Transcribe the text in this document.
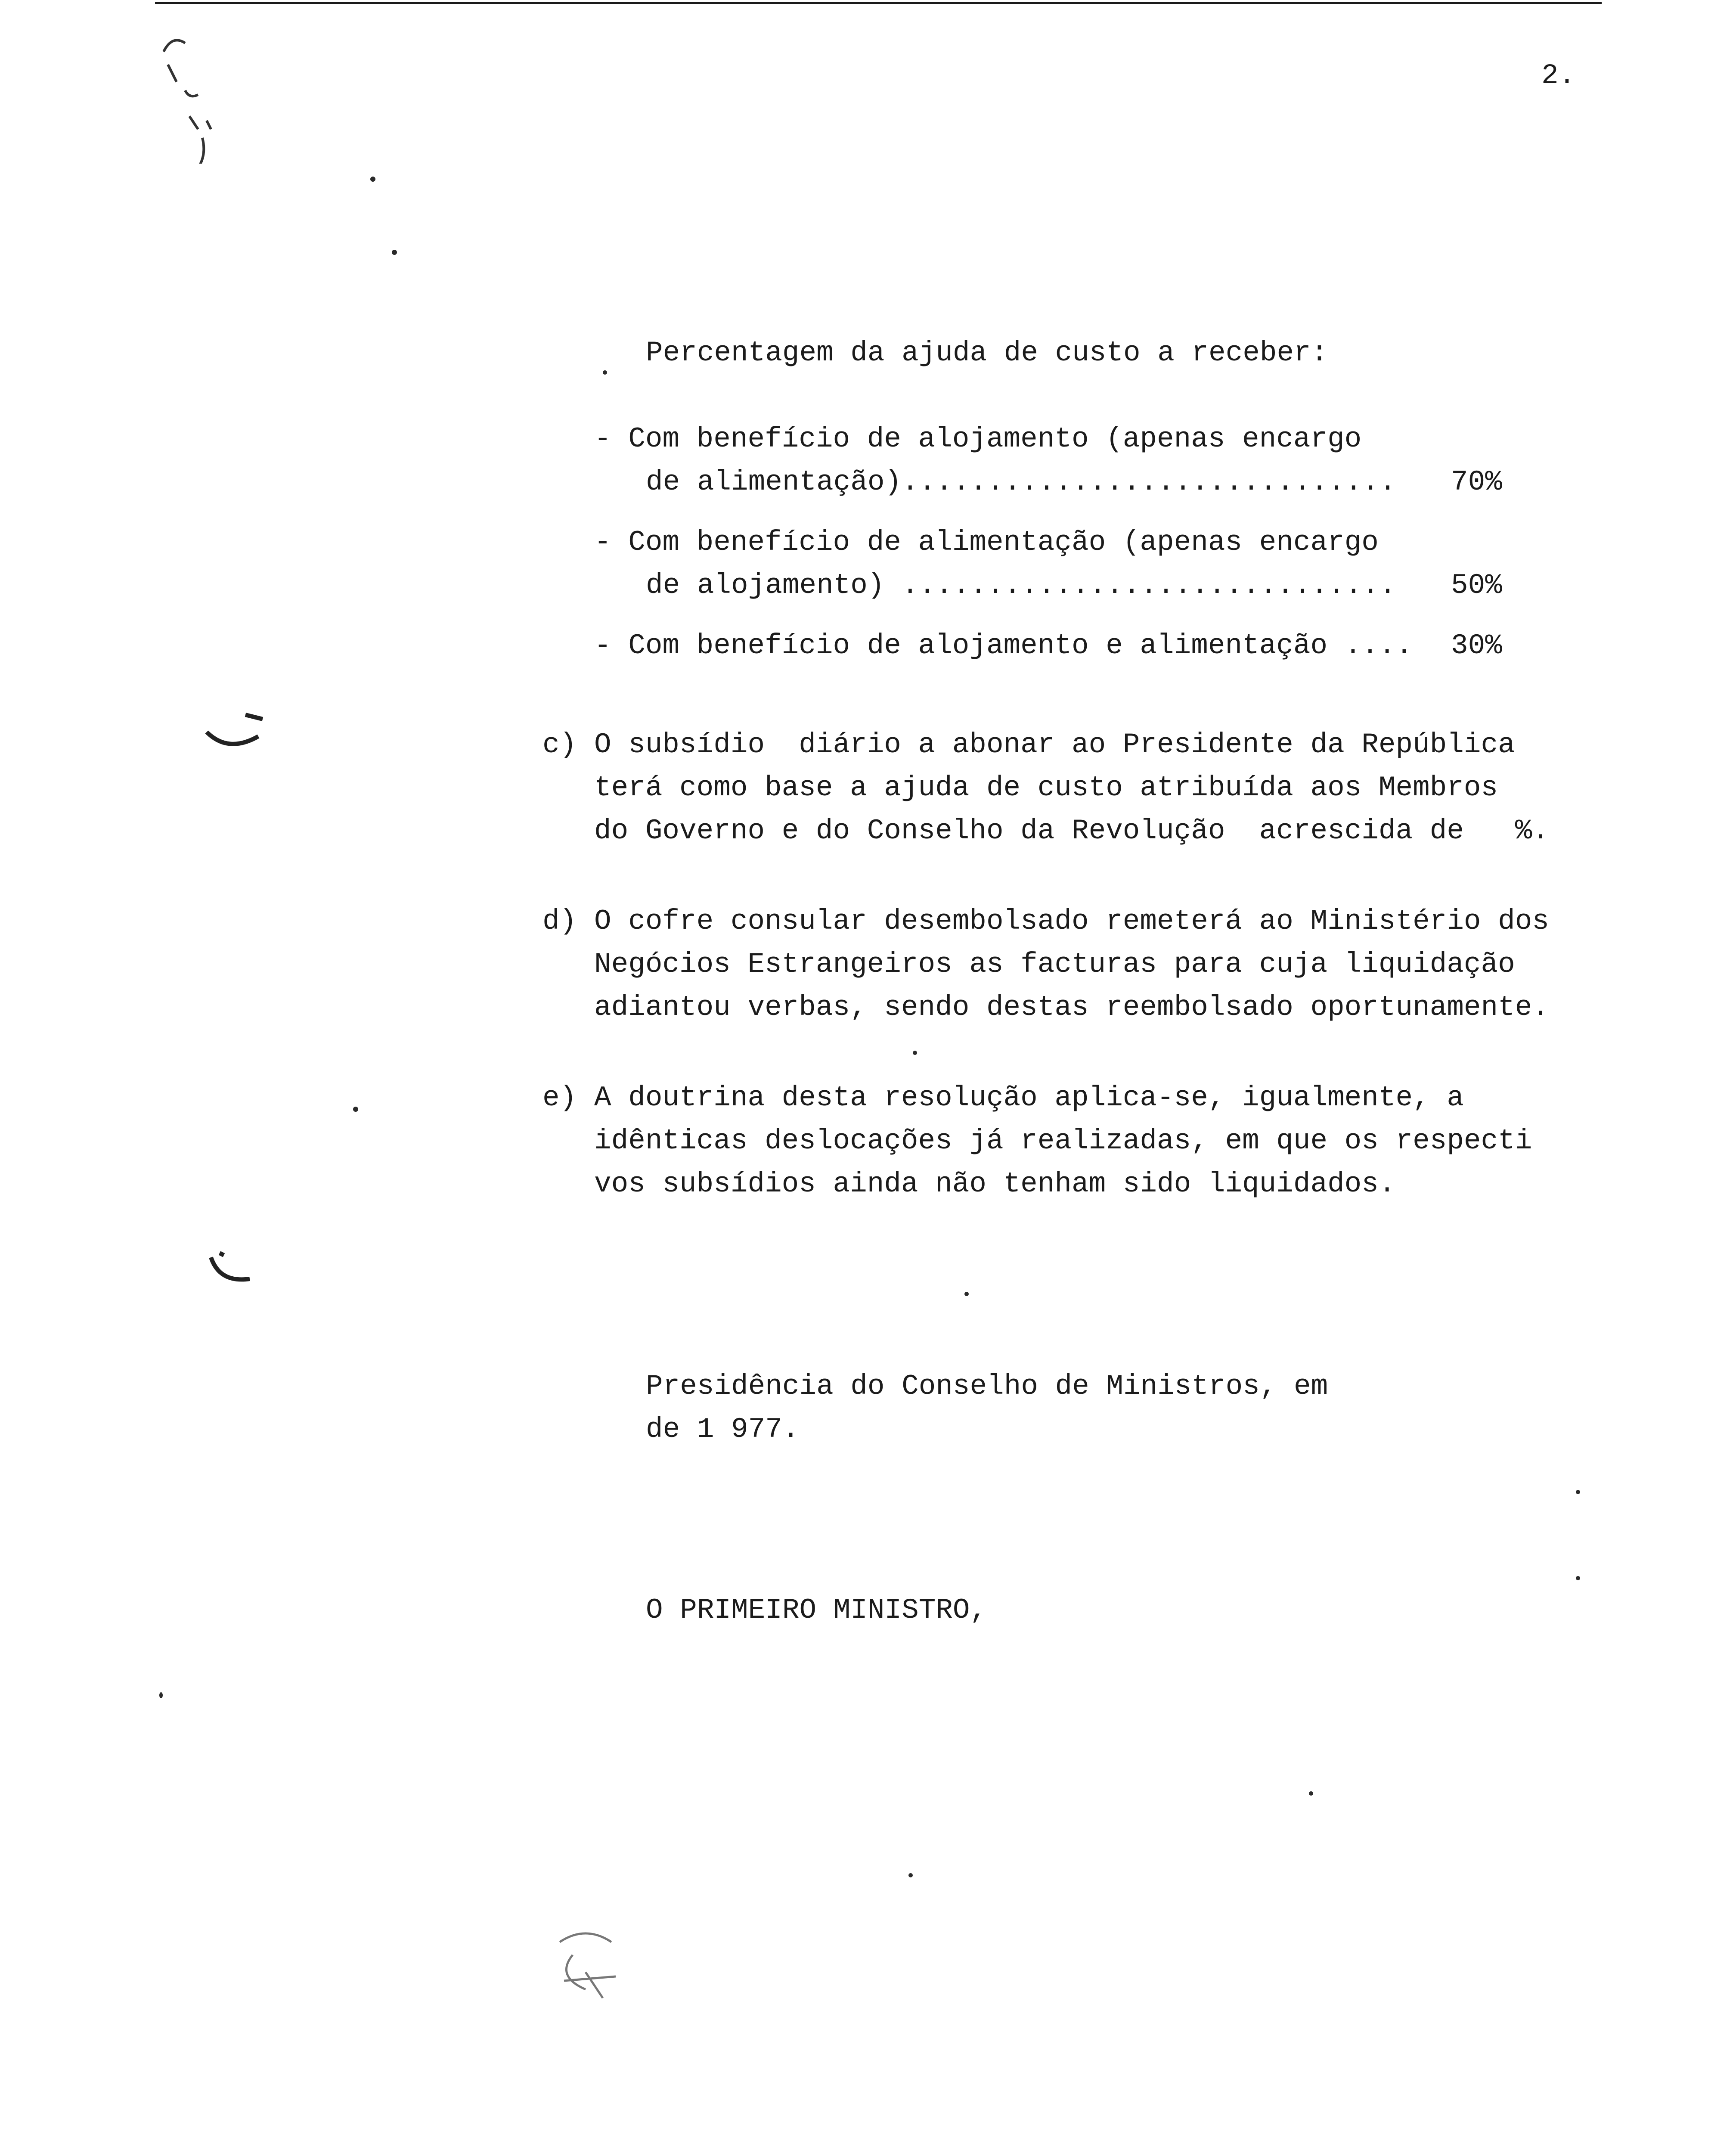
2.
Percentagem da ajuda de custo a receber:
- Com benefício de alojamento (apenas encargo
de alimentação)............................. 70%
- Com benefício de alimentação (apenas encargo
de alojamento) ............................. 50%
- Com benefício de alojamento e alimentação .... 30%
c) O subsídio  diário a abonar ao Presidente da República
terá como base a ajuda de custo atribuída aos Membros
do Governo e do Conselho da Revolução  acrescida de   %.
d) O cofre consular desembolsado remeterá ao Ministério dos
Negócios Estrangeiros as facturas para cuja liquidação
adiantou verbas, sendo destas reembolsado oportunamente.
e) A doutrina desta resolução aplica-se, igualmente, a
idênticas deslocações já realizadas, em que os respecti
vos subsídios ainda não tenham sido liquidados.
Presidência do Conselho de Ministros, em
de 1 977.
O PRIMEIRO MINISTRO,
